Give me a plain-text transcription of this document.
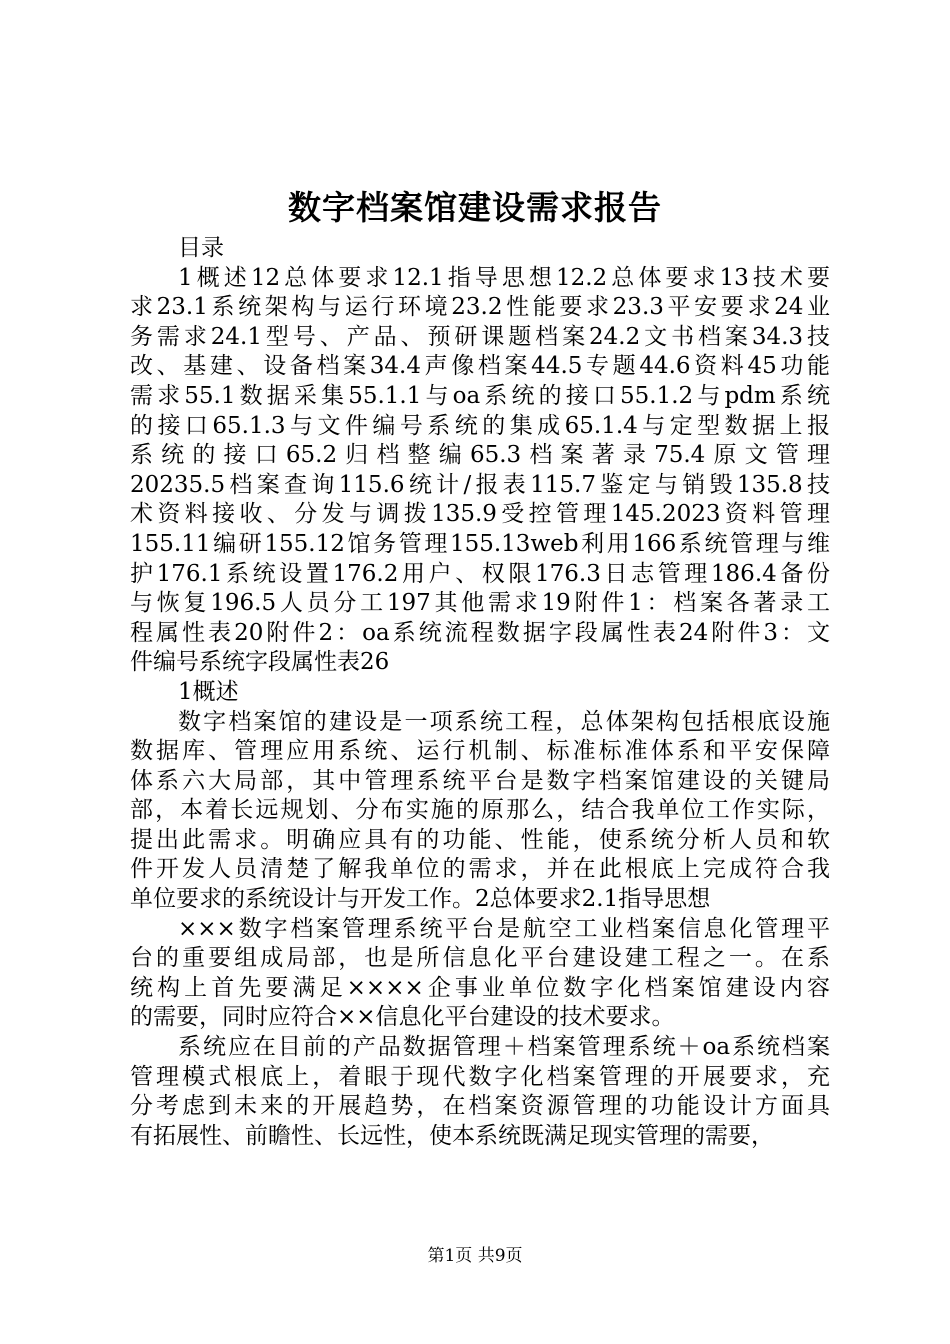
数字档案馆建设需求报告
目录
1概述12总体要求12.1指导思想12.2总体要求13技术要
求23.1系统架构与运行环境23.2性能要求23.3平安要求24业
务需求24.1型号、产品、预研课题档案24.2文书档案34.3技
改、基建、设备档案34.4声像档案44.5专题44.6资料45功能
需求55.1数据采集55.1.1与oa系统的接口55.1.2与pdm系统
的接口65.1.3与文件编号系统的集成65.1.4与定型数据上报
系统的接口65.2归档整编65.3档案著录75.4原文管理
20235.5档案查询115.6统计/报表115.7鉴定与销毁135.8技
术资料接收、分发与调拨135.9受控管理145.2023资料管理
155.11编研155.12馆务管理155.13web利用166系统管理与维
护176.1系统设置176.2用户、权限176.3日志管理186.4备份
与恢复196.5人员分工197其他需求19附件1：档案各著录工
程属性表20附件2：oa系统流程数据字段属性表24附件3：文
件编号系统字段属性表26
1概述
数字档案馆的建设是一项系统工程，总体架构包括根底设施
数据库、管理应用系统、运行机制、标准标准体系和平安保障
体系六大局部，其中管理系统平台是数字档案馆建设的关键局
部，本着长远规划、分布实施的原那么，结合我单位工作实际，
提出此需求。明确应具有的功能、性能，使系统分析人员和软
件开发人员清楚了解我单位的需求，并在此根底上完成符合我
单位要求的系统设计与开发工作。2总体要求2.1指导思想
×××数字档案管理系统平台是航空工业档案信息化管理平
台的重要组成局部，也是所信息化平台建设建工程之一。在系
统构上首先要满足××××企事业单位数字化档案馆建设内容
的需要，同时应符合××信息化平台建设的技术要求。
系统应在目前的产品数据管理＋档案管理系统＋oa系统档案
管理模式根底上，着眼于现代数字化档案管理的开展要求，充
分考虑到未来的开展趋势，在档案资源管理的功能设计方面具
有拓展性、前瞻性、长远性，使本系统既满足现实管理的需要，
第1页 共9页
